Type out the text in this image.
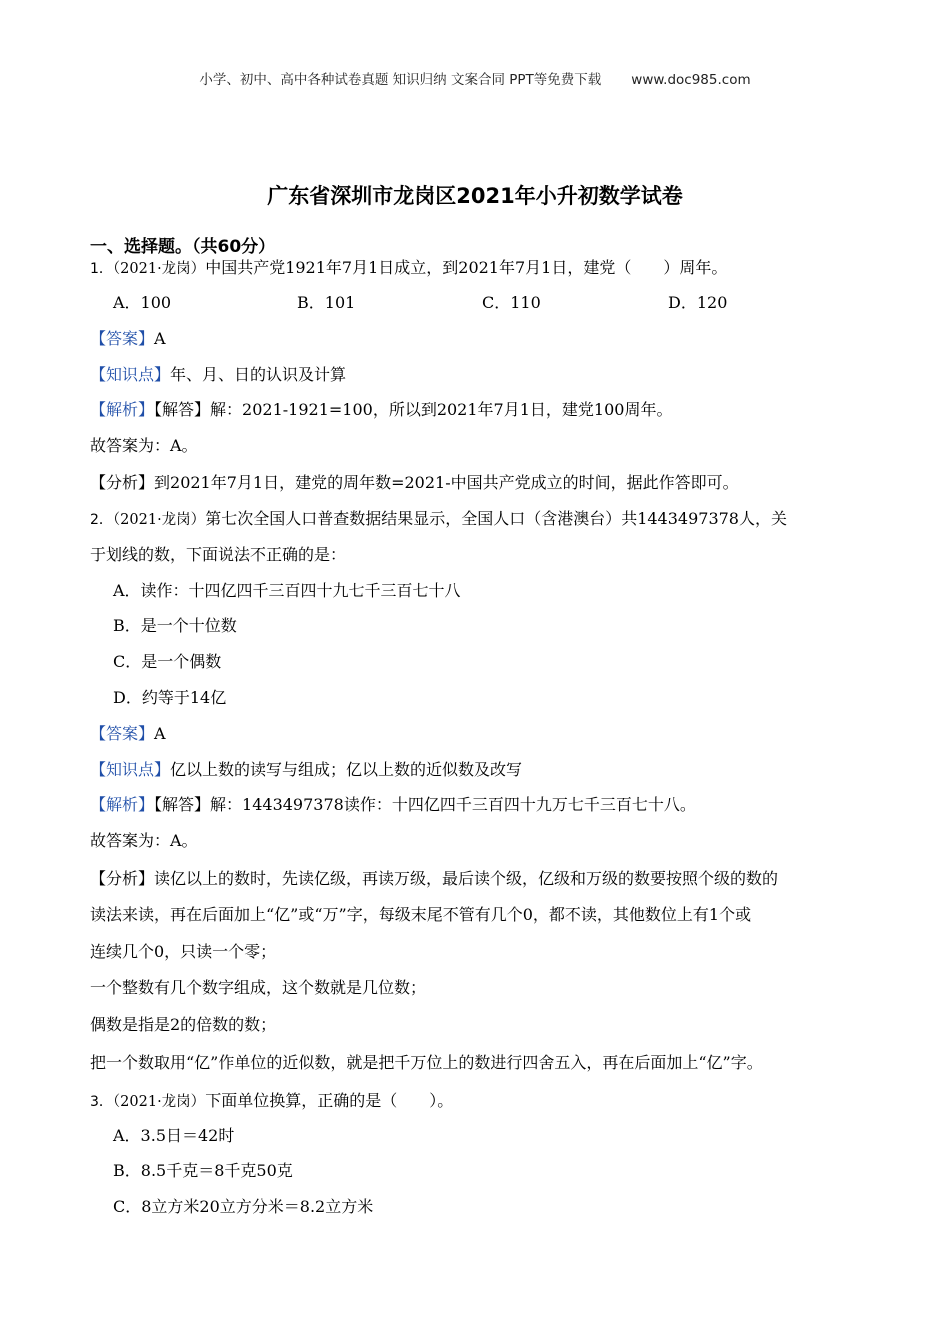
小学、初中、高中各种试卷真题 知识归纳 文案合同 PPT等免费下载 www.doc985.com
广东省深圳市龙岗区2021年小升初数学试卷
一、选择题。（共60分）
1．（2021·龙岗）中国共产党1921年7月1日成立，到2021年7月1日，建党（　　）周年。
A．100	B．101	C．110	D．120
【答案】A
【知识点】年、月、日的认识及计算
【解析】【解答】解：2021-1921=100，所以到2021年7月1日，建党100周年。
故答案为：A。
【分析】到2021年7月1日，建党的周年数=2021-中国共产党成立的时间，据此作答即可。
2．（2021·龙岗）第七次全国人口普查数据结果显示，全国人口（含港澳台）共1443497378人，关
于划线的数，下面说法不正确的是：
A．读作：十四亿四千三百四十九七千三百七十八
B．是一个十位数
C．是一个偶数
D．约等于14亿
【答案】A
【知识点】亿以上数的读写与组成；亿以上数的近似数及改写
【解析】【解答】解：1443497378读作：十四亿四千三百四十九万七千三百七十八。
故答案为：A。
【分析】读亿以上的数时，先读亿级，再读万级，最后读个级，亿级和万级的数要按照个级的数的
读法来读，再在后面加上“亿”或“万”字，每级末尾不管有几个0，都不读，其他数位上有1个或
连续几个0，只读一个零；
一个整数有几个数字组成，这个数就是几位数；
偶数是指是2的倍数的数；
把一个数取用“亿”作单位的近似数，就是把千万位上的数进行四舍五入，再在后面加上“亿”字。
3．（2021·龙岗）下面单位换算，正确的是（　　）。
A．3.5日＝42时
B．8.5千克＝8千克50克
C．8立方米20立方分米＝8.2立方米
